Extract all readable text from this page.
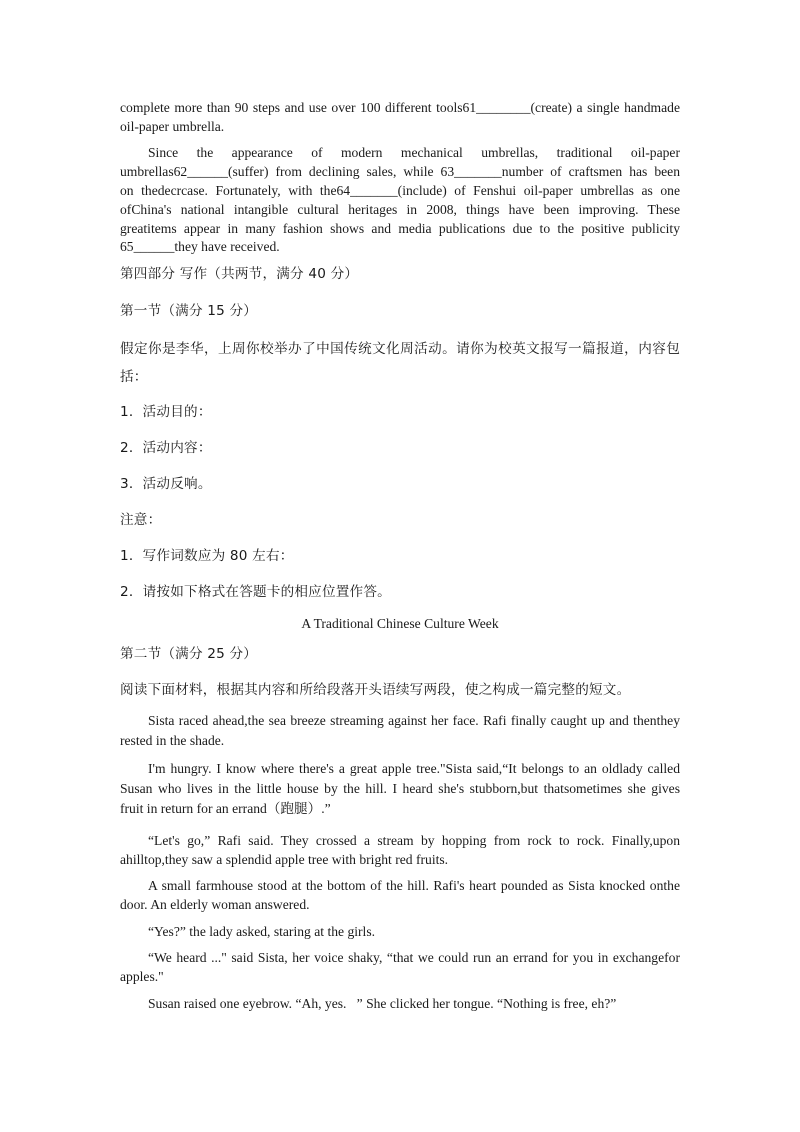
complete more than 90 steps and use over 100 different tools61________(create) a single handmade

oil-paper umbrella.

Since the appearance of modern mechanical umbrellas, traditional oil-paper

umbrellas62______(suffer) from declining sales, while 63_______number of craftsmen has been

on thedecrcase. Fortunately, with the64_______(include) of Fenshui oil-paper umbrellas as one

ofChina's national intangible cultural heritages in 2008, things have been improving. These

greatitems appear in many fashion shows and media publications due to the positive publicity

65______they have received.

第四部分 写作（共两节，满分 40 分）

第一节（满分 15 分）

假定你是李华，上周你校举办了中国传统文化周活动。请你为校英文报写一篇报道，内容包

括：

1．活动目的：

2．活动内容：

3．活动反响。

注意：

1．写作词数应为 80 左右：

2．请按如下格式在答题卡的相应位置作答。

A Traditional Chinese Culture Week

第二节（满分 25 分）

阅读下面材料，根据其内容和所给段落开头语续写两段，使之构成一篇完整的短文。

Sista raced ahead,the sea breeze streaming against her face. Rafi finally caught up and thenthey

rested in the shade.

I'm hungry. I know where there's a great apple tree."Sista said,“It belongs to an oldlady called

Susan who lives in the little house by the hill. I heard she's stubborn,but thatsometimes she gives

fruit in return for an errand（跑腿）.”

“Let's go,” Rafi said. They crossed a stream by hopping from rock to rock. Finally,upon

ahilltop,they saw a splendid apple tree with bright red fruits.

A small farmhouse stood at the bottom of the hill. Rafi's heart pounded as Sista knocked onthe

door. An elderly woman answered.

“Yes?” the lady asked, staring at the girls.

“We heard ..." said Sista, her voice shaky, “that we could run an errand for you in exchangefor

apples."

Susan raised one eyebrow. “Ah, yes.   ” She clicked her tongue. “Nothing is free, eh?”
